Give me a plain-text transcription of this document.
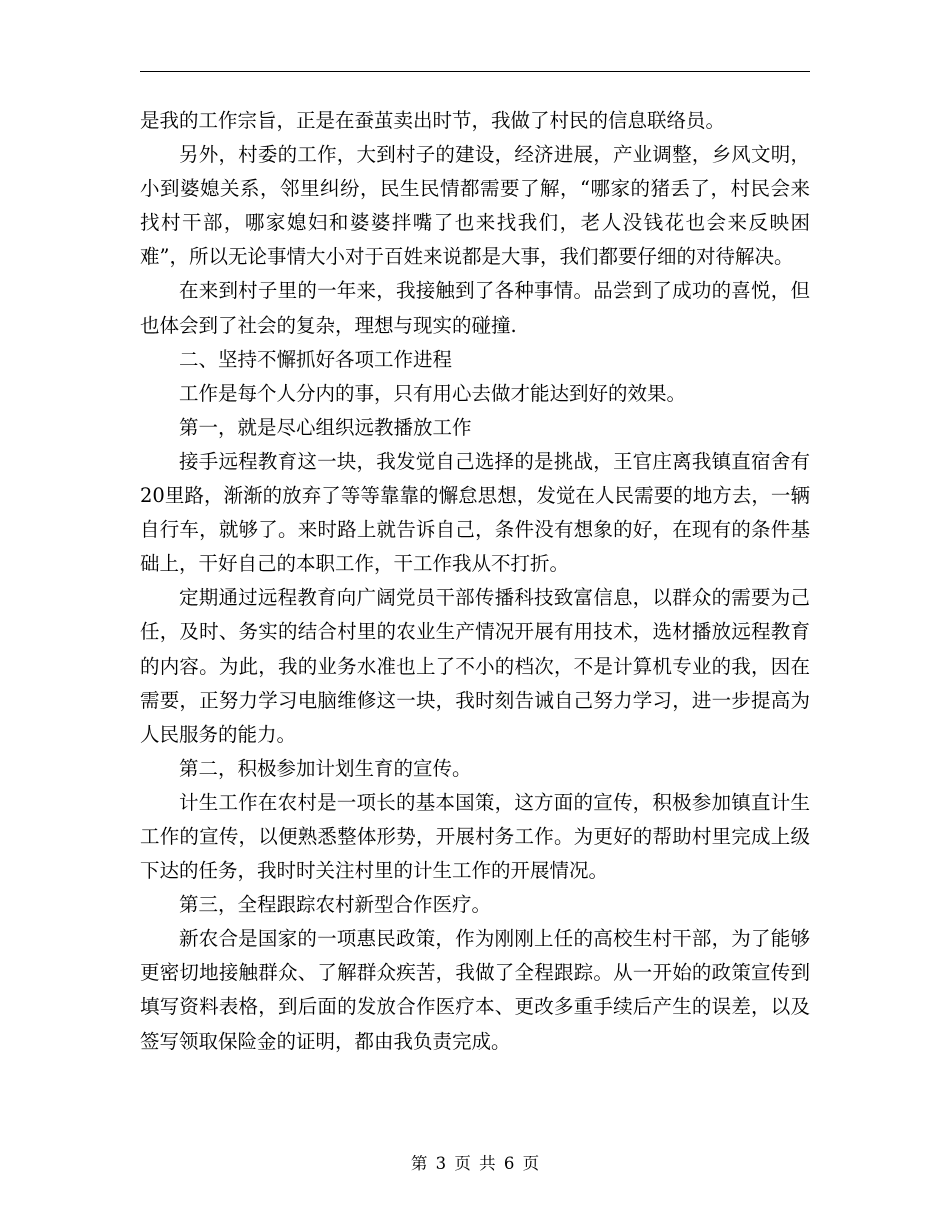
是我的工作宗旨，正是在蚕茧卖出时节，我做了村民的信息联络员。

另外，村委的工作，大到村子的建设，经济进展，产业调整，乡风文明，小到婆媳关系，邻里纠纷，民生民情都需要了解，“哪家的猪丢了，村民会来找村干部，哪家媳妇和婆婆拌嘴了也来找我们，老人没钱花也会来反映困难”，所以无论事情大小对于百姓来说都是大事，我们都要仔细的对待解决。

在来到村子里的一年来，我接触到了各种事情。品尝到了成功的喜悦，但也体会到了社会的复杂，理想与现实的碰撞.

二、坚持不懈抓好各项工作进程

工作是每个人分内的事，只有用心去做才能达到好的效果。

第一，就是尽心组织远教播放工作

接手远程教育这一块，我发觉自己选择的是挑战，王官庄离我镇直宿舍有20里路，渐渐的放弃了等等靠靠的懈怠思想，发觉在人民需要的地方去，一辆自行车，就够了。来时路上就告诉自己，条件没有想象的好，在现有的条件基础上，干好自己的本职工作，干工作我从不打折。

定期通过远程教育向广阔党员干部传播科技致富信息，以群众的需要为己任，及时、务实的结合村里的农业生产情况开展有用技术，选材播放远程教育的内容。为此，我的业务水准也上了不小的档次，不是计算机专业的我，因在需要，正努力学习电脑维修这一块，我时刻告诫自己努力学习，进一步提高为人民服务的能力。

第二，积极参加计划生育的宣传。

计生工作在农村是一项长的基本国策，这方面的宣传，积极参加镇直计生工作的宣传，以便熟悉整体形势，开展村务工作。为更好的帮助村里完成上级下达的任务，我时时关注村里的计生工作的开展情况。

第三，全程跟踪农村新型合作医疗。

新农合是国家的一项惠民政策，作为刚刚上任的高校生村干部，为了能够更密切地接触群众、了解群众疾苦，我做了全程跟踪。从一开始的政策宣传到填写资料表格，到后面的发放合作医疗本、更改多重手续后产生的误差，以及签写领取保险金的证明，都由我负责完成。

第 3 页 共 6 页
